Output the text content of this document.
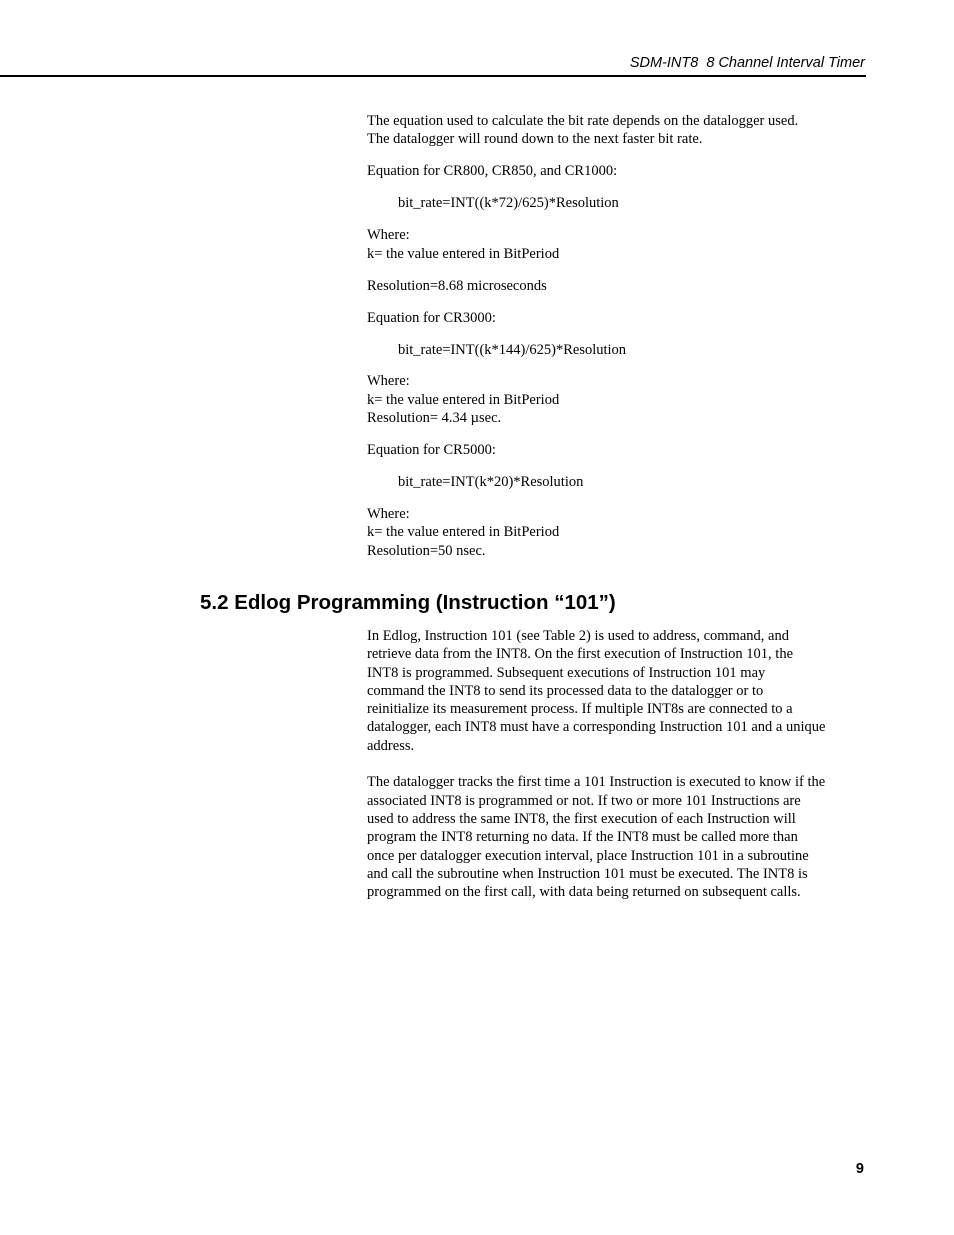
SDM-INT8  8 Channel Interval Timer

The equation used to calculate the bit rate depends on the datalogger used.

The datalogger will round down to the next faster bit rate.

Equation for CR800, CR850, and CR1000:

bit_rate=INT((k*72)/625)*Resolution

Where:

k= the value entered in BitPeriod

Resolution=8.68 microseconds

Equation for CR3000:

bit_rate=INT((k*144)/625)*Resolution

Where:

k= the value entered in BitPeriod

Resolution= 4.34 µsec.

Equation for CR5000:

bit_rate=INT(k*20)*Resolution

Where:

k= the value entered in BitPeriod

Resolution=50 nsec.

5.2 Edlog Programming (Instruction “101”)

In Edlog, Instruction 101 (see Table 2) is used to address, command, and

retrieve data from the INT8. On the first execution of Instruction 101, the

INT8 is programmed. Subsequent executions of Instruction 101 may

command the INT8 to send its processed data to the datalogger or to

reinitialize its measurement process. If multiple INT8s are connected to a

datalogger, each INT8 must have a corresponding Instruction 101 and a unique

address.

The datalogger tracks the first time a 101 Instruction is executed to know if the

associated INT8 is programmed or not. If two or more 101 Instructions are

used to address the same INT8, the first execution of each Instruction will

program the INT8 returning no data. If the INT8 must be called more than

once per datalogger execution interval, place Instruction 101 in a subroutine

and call the subroutine when Instruction 101 must be executed. The INT8 is

programmed on the first call, with data being returned on subsequent calls.

9
